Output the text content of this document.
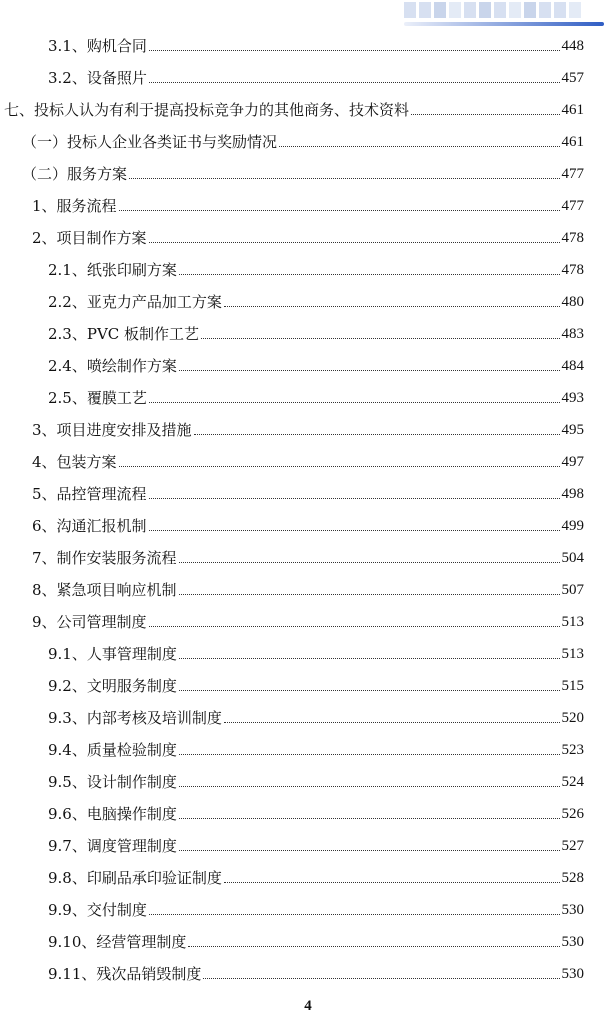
3.1、购机合同	448
3.2、设备照片	457
七、投标人认为有利于提高投标竞争力的其他商务、技术资料	461
（一）投标人企业各类证书与奖励情况	461
（二）服务方案	477
1、服务流程	477
2、项目制作方案	478
2.1、纸张印刷方案	478
2.2、亚克力产品加工方案	480
2.3、PVC 板制作工艺	483
2.4、喷绘制作方案	484
2.5、覆膜工艺	493
3、项目进度安排及措施	495
4、包装方案	497
5、品控管理流程	498
6、沟通汇报机制	499
7、制作安装服务流程	504
8、紧急项目响应机制	507
9、公司管理制度	513
9.1、人事管理制度	513
9.2、文明服务制度	515
9.3、内部考核及培训制度	520
9.4、质量检验制度	523
9.5、设计制作制度	524
9.6、电脑操作制度	526
9.7、调度管理制度	527
9.8、印刷品承印验证制度	528
9.9、交付制度	530
9.10、经营管理制度	530
9.11、残次品销毁制度	530
4
